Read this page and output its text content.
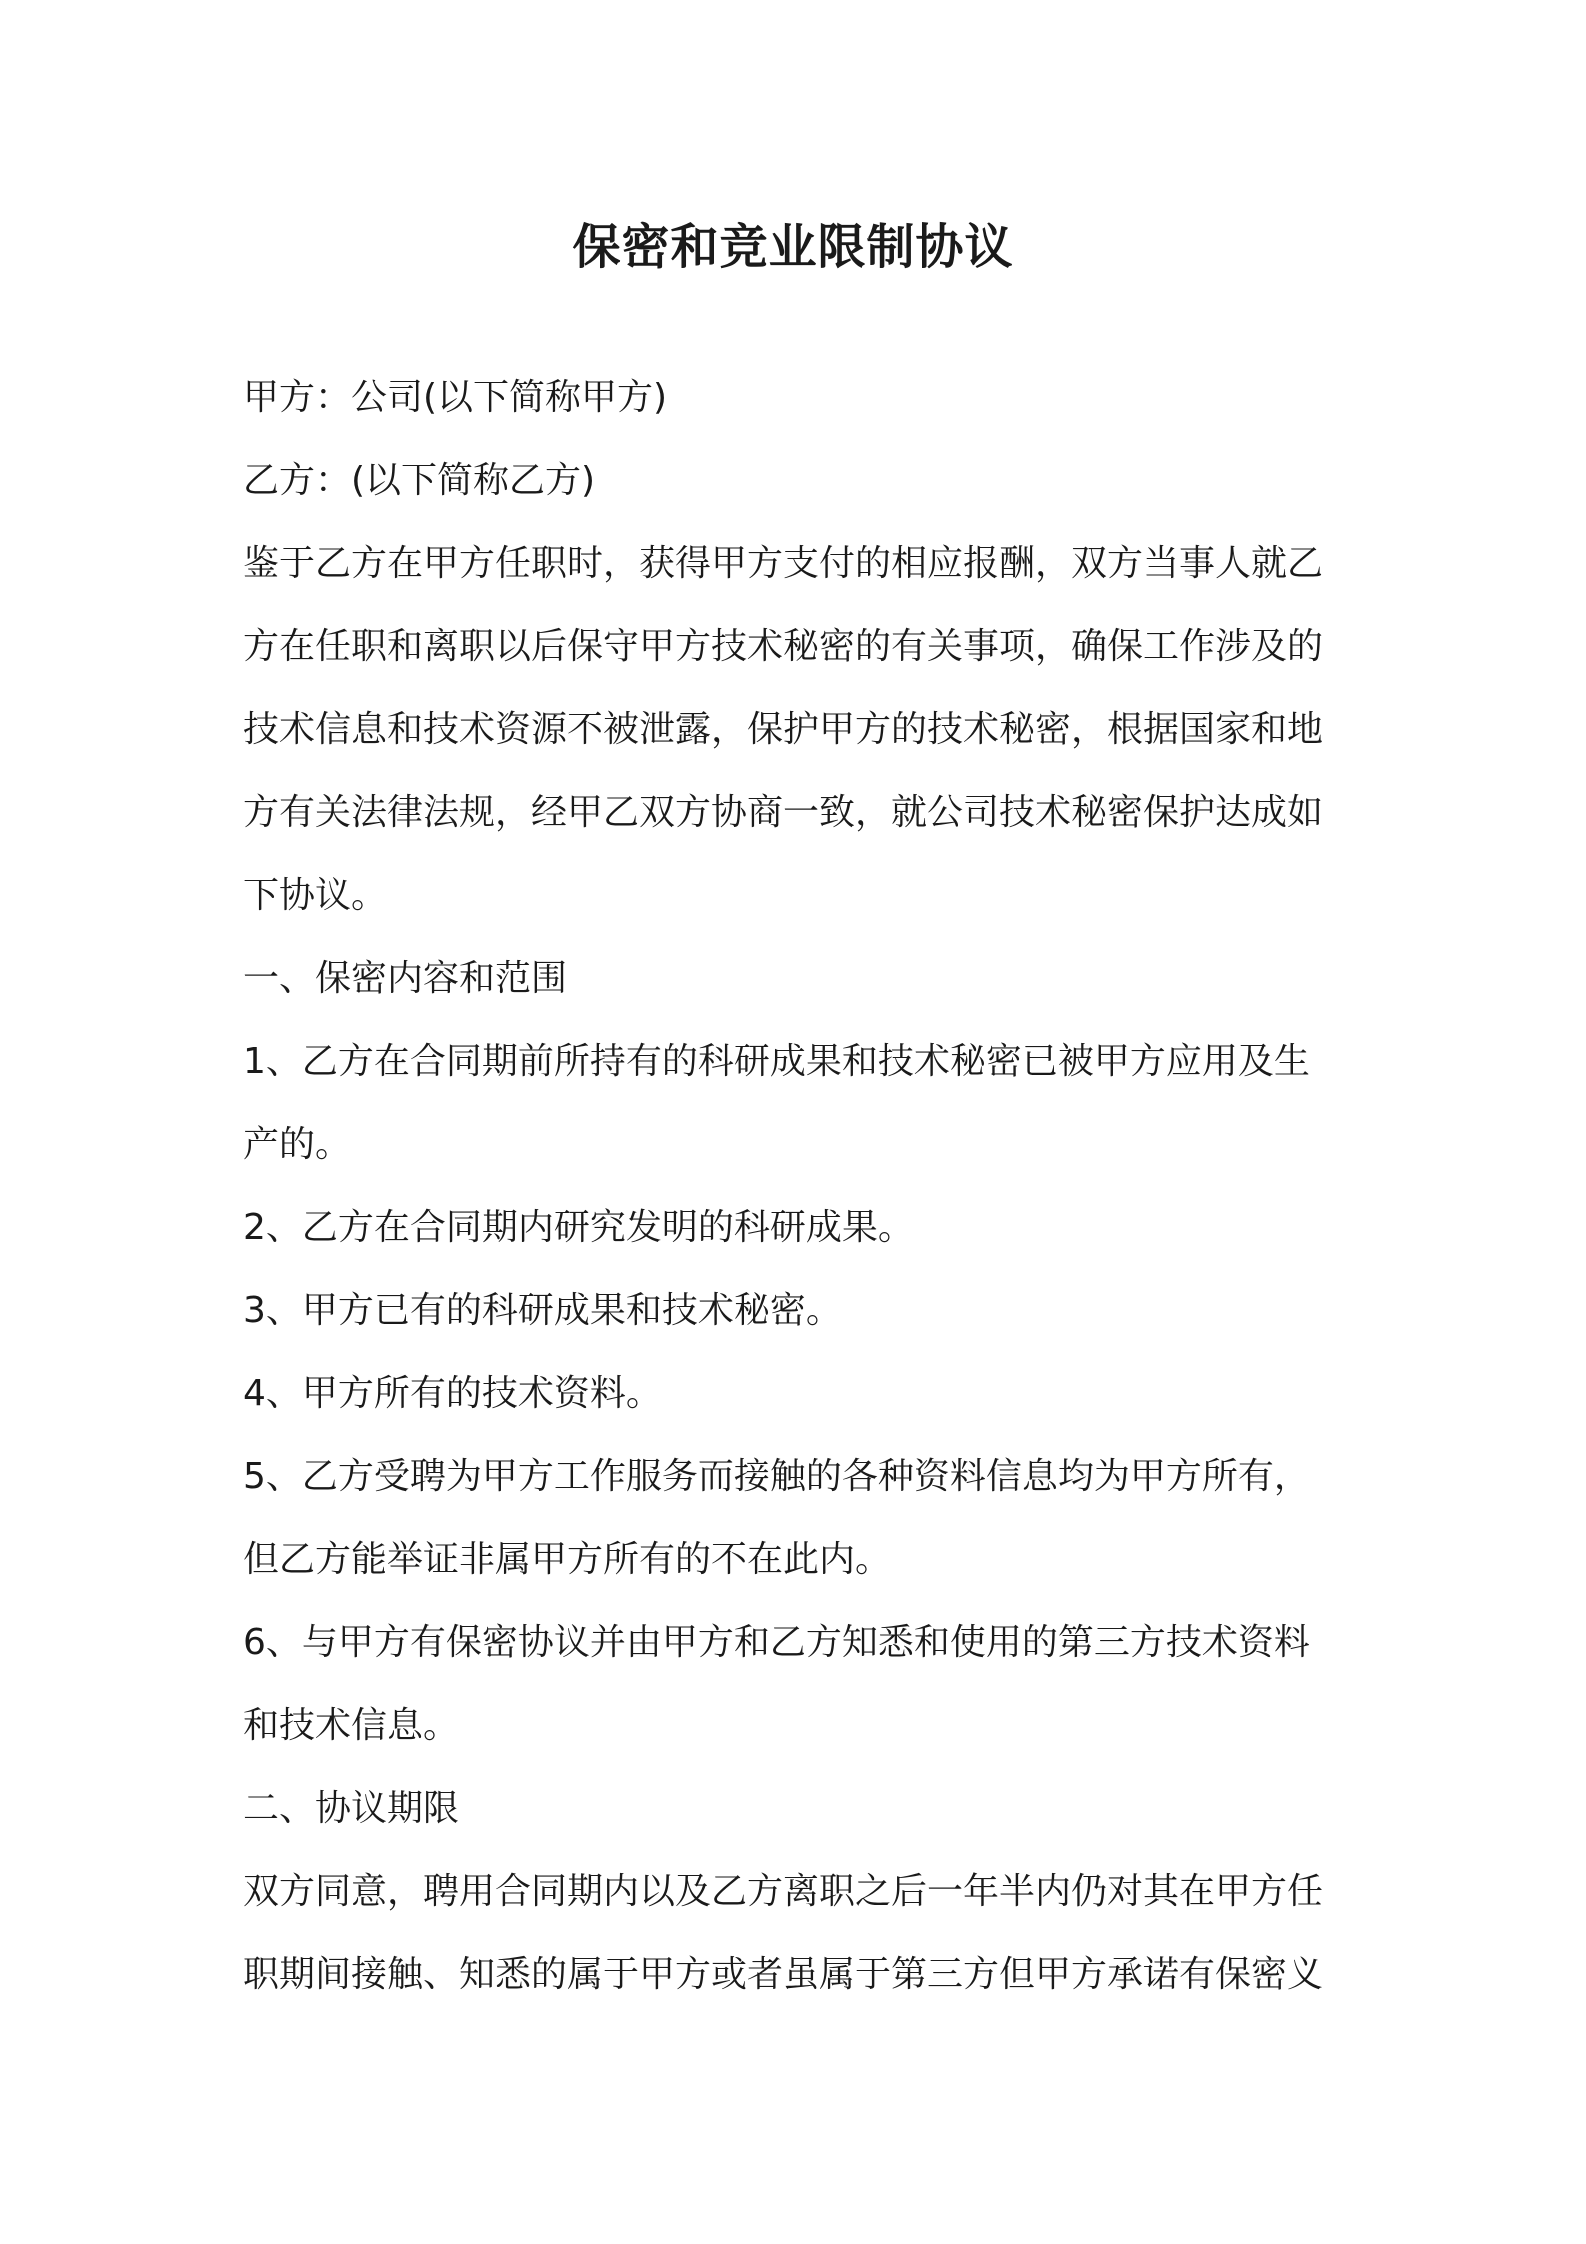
保密和竞业限制协议

甲方：公司(以下简称甲方)

乙方：(以下简称乙方)

鉴于乙方在甲方任职时，获得甲方支付的相应报酬，双方当事人就乙
方在任职和离职以后保守甲方技术秘密的有关事项，确保工作涉及的
技术信息和技术资源不被泄露，保护甲方的技术秘密，根据国家和地
方有关法律法规，经甲乙双方协商一致，就公司技术秘密保护达成如
下协议。

一、保密内容和范围

1、乙方在合同期前所持有的科研成果和技术秘密已被甲方应用及生
产的。

2、乙方在合同期内研究发明的科研成果。

3、甲方已有的科研成果和技术秘密。

4、甲方所有的技术资料。

5、乙方受聘为甲方工作服务而接触的各种资料信息均为甲方所有，
但乙方能举证非属甲方所有的不在此内。

6、与甲方有保密协议并由甲方和乙方知悉和使用的第三方技术资料
和技术信息。

二、协议期限

双方同意，聘用合同期内以及乙方离职之后一年半内仍对其在甲方任
职期间接触、知悉的属于甲方或者虽属于第三方但甲方承诺有保密义
